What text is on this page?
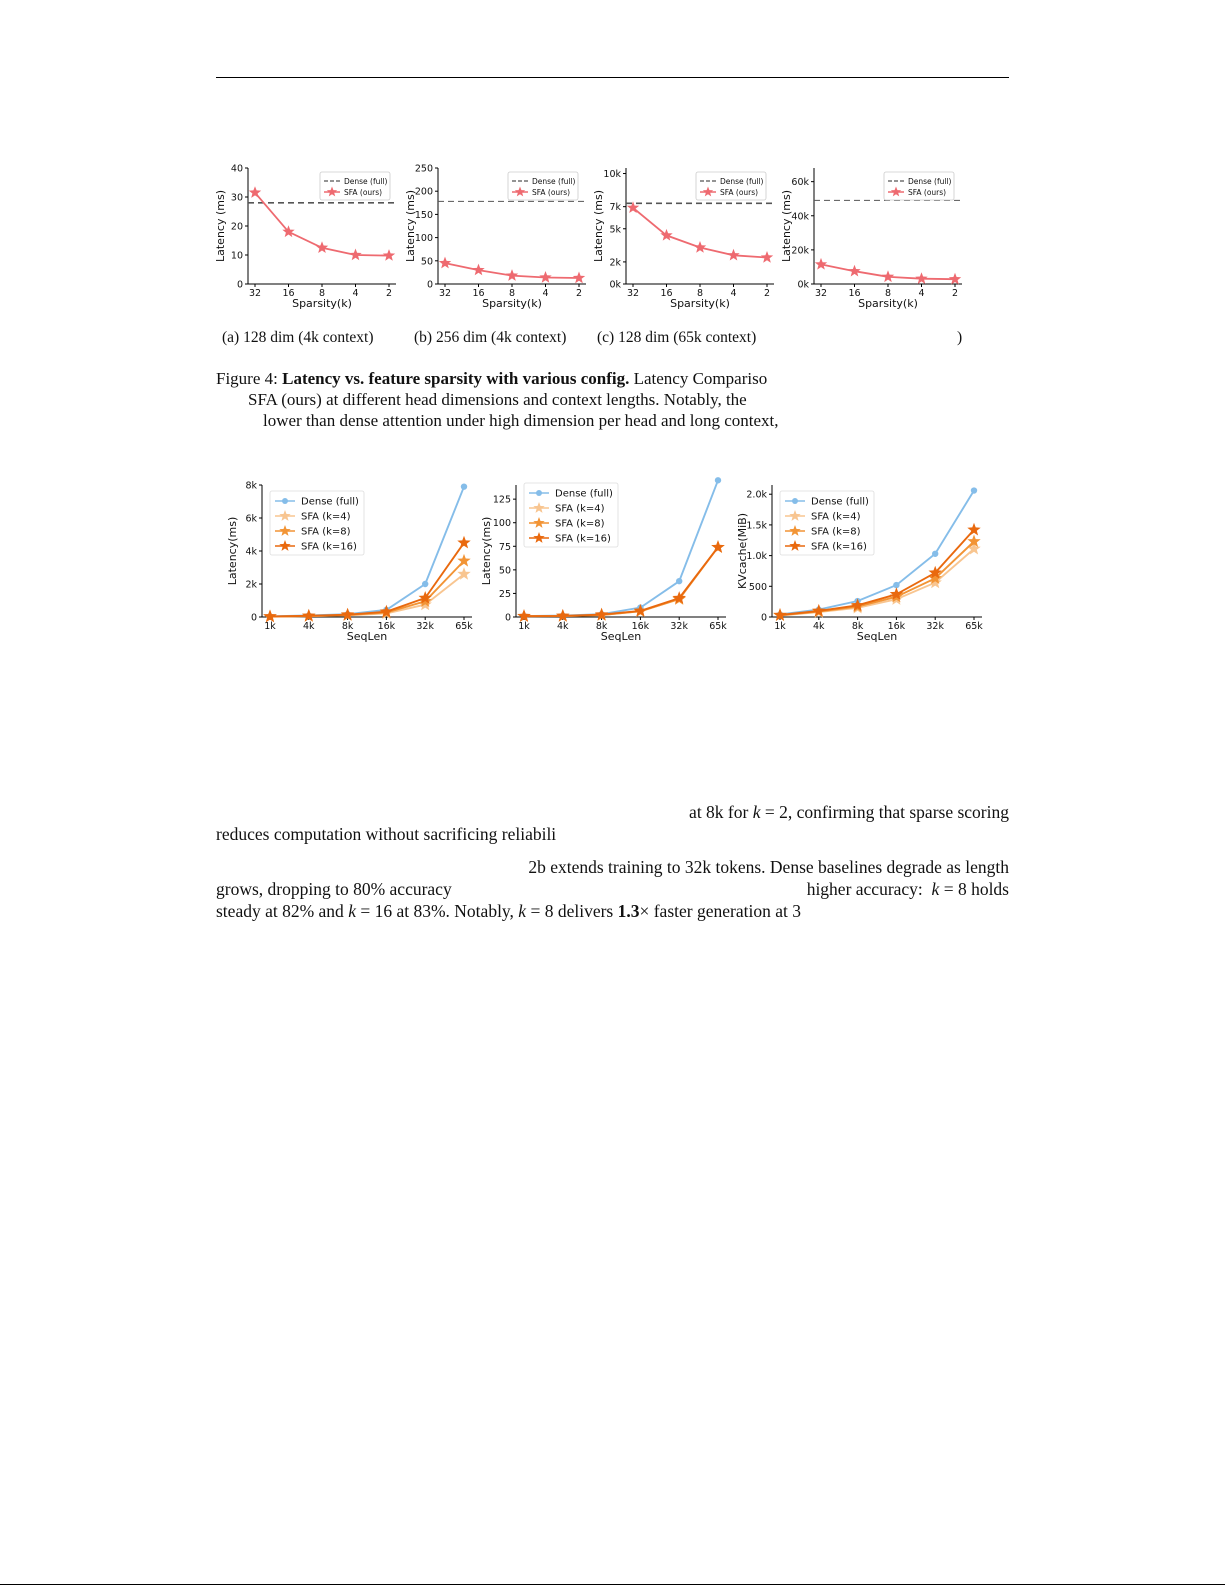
0
10
20
30
40
32 16	8	4	2
Sparsity(k)
Latency (ms)
Dense (full)
SFA (ours)
0
50
100
150
200
250
32 16	8	4	2
Sparsity(k)
Latency (ms)
Dense (full)
SFA (ours)
0k
2k
5k
7k
10k
32 16	8	4	2
Sparsity(k)
Latency (ms)
Dense (full)
SFA (ours)
0k
20k
40k
60k
32 16	8	4	2
Sparsity(k)
Latency (ms)
Dense (full)
SFA (ours)
(a) 128 dim (4k context)	(b) 256 dim (4k context) (c) 128 dim (65k context)	)
Figure 4: Latency vs. feature sparsity with various config. Latency Compariso
SFA (ours) at different head dimensions and context lengths. Notably, the
lower than dense attention under high dimension per head and long context,
0
2k
4k
6k
8k
1k	4k	8k	16k 32k 65k
SeqLen
Latency(ms)
Dense (full)
SFA (k=4)
SFA (k=8)
SFA (k=16)
0
25
50
75
100
125
1k	4k	8k	16k 32k 65k
SeqLen
Latency(ms)
Dense (full)
SFA (k=4)
SFA (k=8)
SFA (k=16)
0
500
1.0k
1.5k
2.0k
1k	4k	8k	16k 32k 65k
SeqLen
KVcache(MiB)
Dense (full)
SFA (k=4)
SFA (k=8)
SFA (k=16)
at 8k for k = 2, confirming that sparse scoring
reduces computation without sacrificing reliabili
2b extends training to 32k tokens. Dense baselines degrade as length
grows, dropping to 80% accuracy	higher accuracy: k = 8 holds
steady at 82% and k = 16 at 83%. Notably, k = 8 delivers 1.3× faster generation at 3
